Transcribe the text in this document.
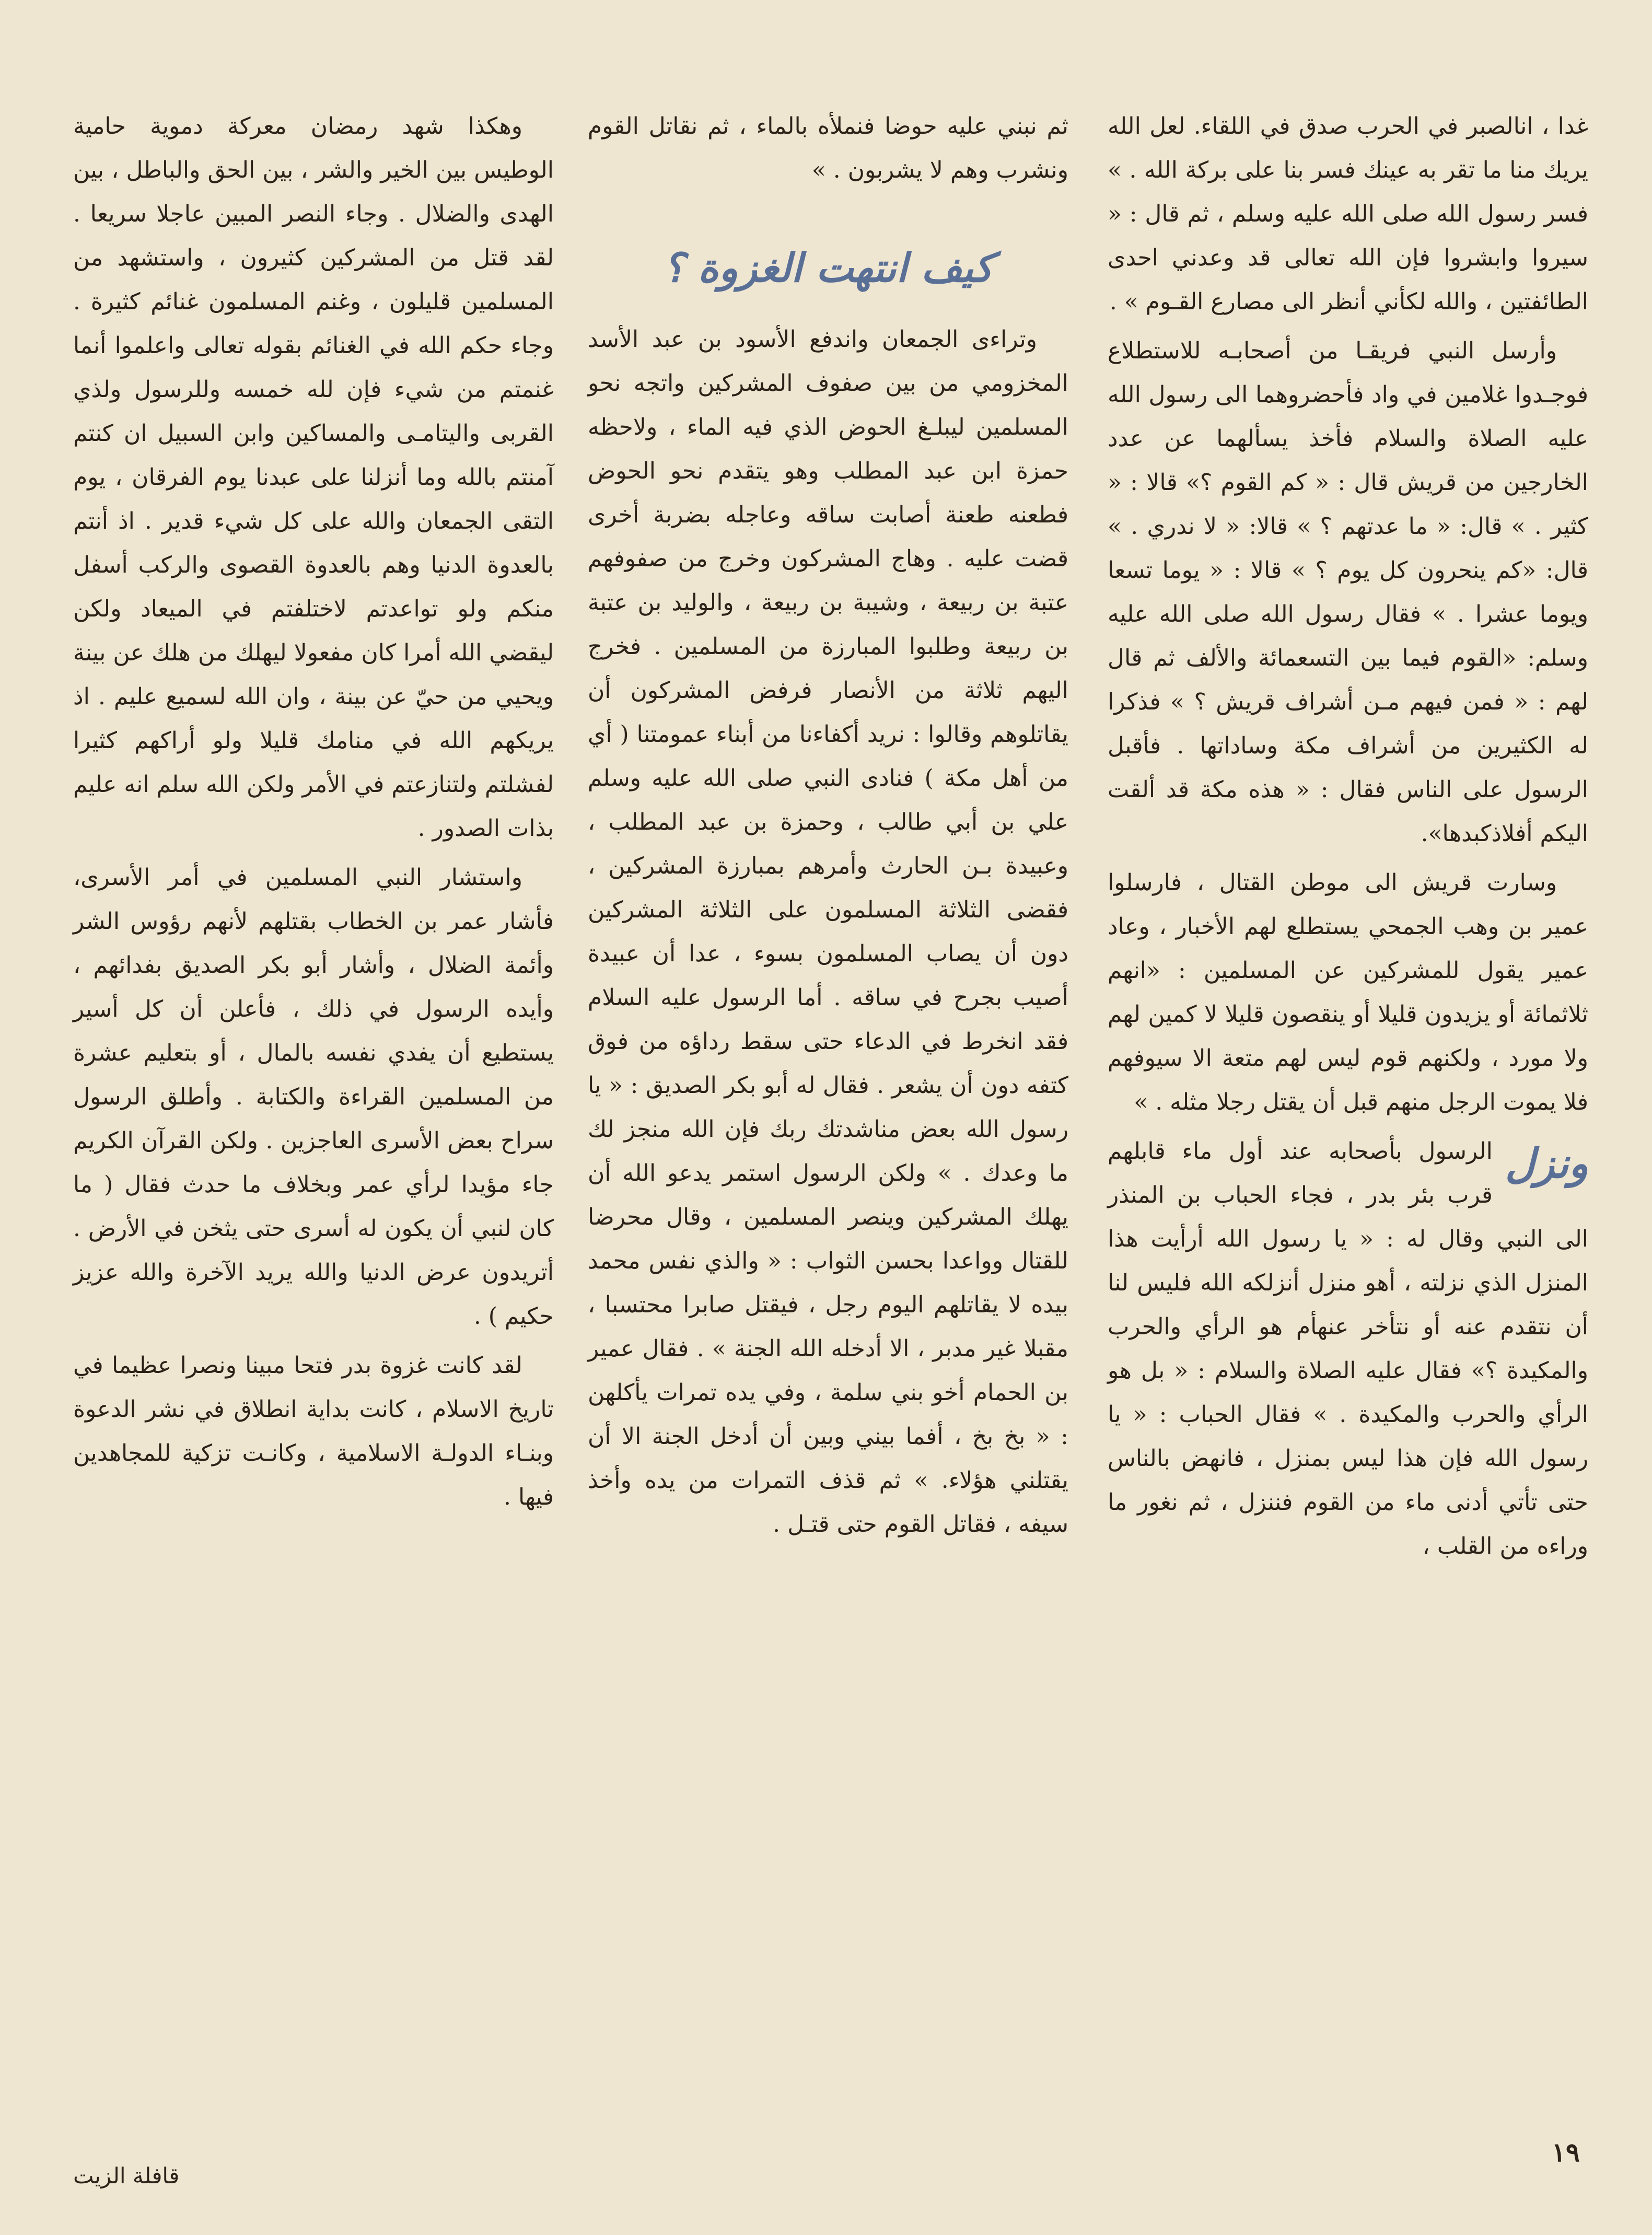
غدا ، انالصبر في الحرب صدق في اللقاء. لعل الله يريك منا ما تقر به عينك فسر بنا على بركة الله . » فسر رسول الله صلى الله عليه وسلم ، ثم قال : « سيروا وابشروا فإن الله تعالى قد وعدني احدى الطائفتين ، والله لكأني أنظر الى مصارع القـوم » .

وأرسل النبي فريقـا من أصحابـه للاستطلاع فوجـدوا غلامين في واد فأحضروهما الى رسول الله عليه الصلاة والسلام فأخذ يسألهما عن عدد الخارجين من قريش قال : « كم القوم ؟» قالا : « كثير . » قال: « ما عدتهم ؟ » قالا: « لا ندري . » قال: «كم ينحرون كل يوم ؟ » قالا : « يوما تسعا ويوما عشرا . » فقال رسول الله صلى الله عليه وسلم: «القوم فيما بين التسعمائة والألف ثم قال لهم : « فمن فيهم مـن أشراف قريش ؟ » فذكرا له الكثيرين من أشراف مكة وساداتها . فأقبل الرسول على الناس فقال : « هذه مكة قد ألقت اليكم أفلاذكبدها».

وسارت قريش الى موطن القتال ، فارسلوا عمير بن وهب الجمحي يستطلع لهم الأخبار ، وعاد عمير يقول للمشركين عن المسلمين : «انهم ثلاثمائة أو يزيدون قليلا أو ينقصون قليلا لا كمين لهم ولا مورد ، ولكنهم قوم ليس لهم متعة الا سيوفهم فلا يموت الرجل منهم قبل أن يقتل رجلا مثله . »

ونزل
الرسول بأصحابه عند أول ماء قابلهم قرب بئر بدر ، فجاء الحباب بن المنذر الى النبي وقال له : « يا رسول الله أرأيت هذا المنزل الذي نزلته ، أهو منزل أنزلكه الله فليس لنا أن نتقدم عنه أو نتأخر عنهأم هو الرأي والحرب والمكيدة ؟» فقال عليه الصلاة والسلام : « بل هو الرأي والحرب والمكيدة . » فقال الحباب : « يا رسول الله فإن هذا ليس بمنزل ، فانهض بالناس حتى تأتي أدنى ماء من القوم فننزل ، ثم نغور ما وراءه من القلب ،

ثم نبني عليه حوضا فنملأه بالماء ، ثم نقاتل القوم ونشرب وهم لا يشربون . »

كيف انتهت الغزوة ؟

وتراءى الجمعان واندفع الأسود بن عبد الأسد المخزومي من بين صفوف المشركين واتجه نحو المسلمين ليبلـغ الحوض الذي فيه الماء ، ولاحظه حمزة ابن عبد المطلب وهو يتقدم نحو الحوض فطعنه طعنة أصابت ساقه وعاجله بضربة أخرى قضت عليه . وهاج المشركون وخرج من صفوفهم عتبة بن ربيعة ، وشيبة بن ربيعة ، والوليد بن عتبة بن ربيعة وطلبوا المبارزة من المسلمين . فخرج اليهم ثلاثة من الأنصار فرفض المشركون أن يقاتلوهم وقالوا : نريد أكفاءنا من أبناء عمومتنا ( أي من أهل مكة ) فنادى النبي صلى الله عليه وسلم علي بن أبي طالب ، وحمزة بن عبد المطلب ، وعبيدة بـن الحارث وأمرهم بمبارزة المشركين ، فقضى الثلاثة المسلمون على الثلاثة المشركين دون أن يصاب المسلمون بسوء ، عدا أن عبيدة أصيب بجرح في ساقه . أما الرسول عليه السلام فقد انخرط في الدعاء حتى سقط رداؤه من فوق كتفه دون أن يشعر . فقال له أبو بكر الصديق : « يا رسول الله بعض مناشدتك ربك فإن الله منجز لك ما وعدك . » ولكن الرسول استمر يدعو الله أن يهلك المشركين وينصر المسلمين ، وقال محرضا للقتال وواعدا بحسن الثواب : « والذي نفس محمد بيده لا يقاتلهم اليوم رجل ، فيقتل صابرا محتسبا ، مقبلا غير مدبر ، الا أدخله الله الجنة » . فقال عمير بن الحمام أخو بني سلمة ، وفي يده تمرات يأكلهن : « بخ بخ ، أفما بيني وبين أن أدخل الجنة الا أن يقتلني هؤلاء. » ثم قذف التمرات من يده وأخذ سيفه ، فقاتل القوم حتى قتـل .

وهكذا شهد رمضان معركة دموية حامية الوطيس بين الخير والشر ، بين الحق والباطل ، بين الهدى والضلال . وجاء النصر المبين عاجلا سريعا . لقد قتل من المشركين كثيرون ، واستشهد من المسلمين قليلون ، وغنم المسلمون غنائم كثيرة . وجاء حكم الله في الغنائم بقوله تعالى واعلموا أنما غنمتم من شيء فإن لله خمسه وللرسول ولذي القربى واليتامـى والمساكين وابن السبيل ان كنتم آمنتم بالله وما أنزلنا على عبدنا يوم الفرقان ، يوم التقى الجمعان والله على كل شيء قدير . اذ أنتم بالعدوة الدنيا وهم بالعدوة القصوى والركب أسفل منكم ولو تواعدتم لاختلفتم في الميعاد ولكن ليقضي الله أمرا كان مفعولا ليهلك من هلك عن بينة ويحيي من حيّ عن بينة ، وان الله لسميع عليم . اذ يريكهم الله في منامك قليلا ولو أراكهم كثيرا لفشلتم ولتنازعتم في الأمر ولكن الله سلم انه عليم بذات الصدور .

واستشار النبي المسلمين في أمر الأسرى، فأشار عمر بن الخطاب بقتلهم لأنهم رؤوس الشر وأئمة الضلال ، وأشار أبو بكر الصديق بفدائهم ، وأيده الرسول في ذلك ، فأعلن أن كل أسير يستطيع أن يفدي نفسه بالمال ، أو بتعليم عشرة من المسلمين القراءة والكتابة . وأطلق الرسول سراح بعض الأسرى العاجزين . ولكن القرآن الكريم جاء مؤيدا لرأي عمر وبخلاف ما حدث فقال ( ما كان لنبي أن يكون له أسرى حتى يثخن في الأرض . أتريدون عرض الدنيا والله يريد الآخرة والله عزيز حكيم ) .

لقد كانت غزوة بدر فتحا مبينا ونصرا عظيما في تاريخ الاسلام ، كانت بداية انطلاق في نشر الدعوة وبنـاء الدولـة الاسلامية ، وكانـت تزكية للمجاهدين فيها .

١٩
قافلة الزيت
